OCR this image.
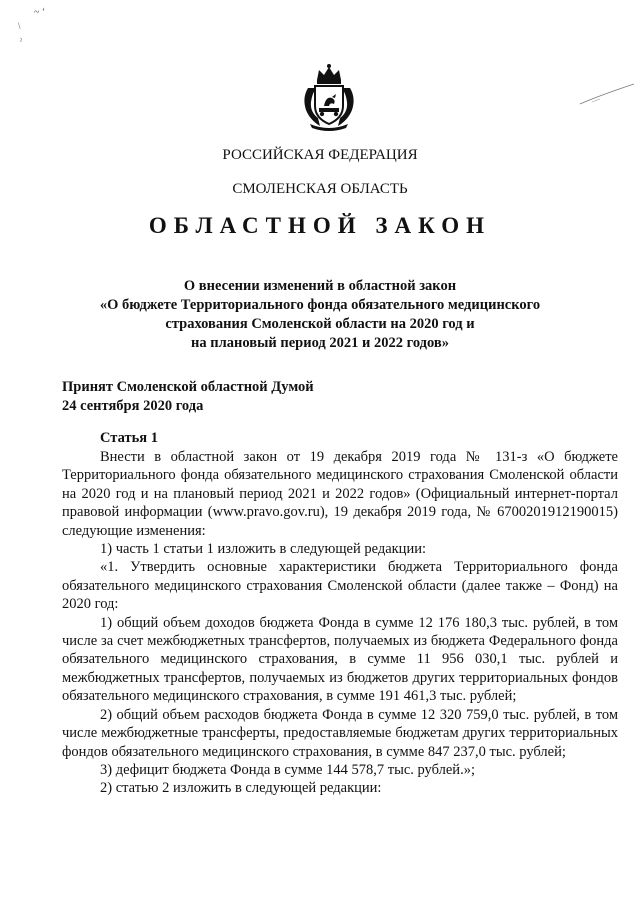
~ ‘
\
ˀ

РОССИЙСКАЯ ФЕДЕРАЦИЯ

СМОЛЕНСКАЯ ОБЛАСТЬ

ОБЛАСТНОЙ ЗАКОН

О внесении изменений в областной закон
«О бюджете Территориального фонда обязательного медицинского
страхования Смоленской области на 2020 год и
на плановый период 2021 и 2022 годов»
Принят Смоленской областной Думой
24 сентября 2020 года
Статья 1

Внести в областной закон от 19 декабря 2019 года № 131-з «О бюджете Территориального фонда обязательного медицинского страхования Смоленской области на 2020 год и на плановый период 2021 и 2022 годов» (Официальный интернет-портал правовой информации (www.pravo.gov.ru), 19 декабря 2019 года, № 6700201912190015) следующие изменения:

1) часть 1 статьи 1 изложить в следующей редакции:

«1. Утвердить основные характеристики бюджета Территориального фонда обязательного медицинского страхования Смоленской области (далее также – Фонд) на 2020 год:

1) общий объем доходов бюджета Фонда в сумме 12 176 180,3 тыс. рублей, в том числе за счет межбюджетных трансфертов, получаемых из бюджета Федерального фонда обязательного медицинского страхования, в сумме 11 956 030,1 тыс. рублей и межбюджетных трансфертов, получаемых из бюджетов других территориальных фондов обязательного медицинского страхования, в сумме 191 461,3 тыс. рублей;

2) общий объем расходов бюджета Фонда в сумме 12 320 759,0 тыс. рублей, в том числе межбюджетные трансферты, предоставляемые бюджетам других территориальных фондов обязательного медицинского страхования, в сумме 847 237,0 тыс. рублей;

3) дефицит бюджета Фонда в сумме 144 578,7 тыс. рублей.»;

2) статью 2 изложить в следующей редакции:
